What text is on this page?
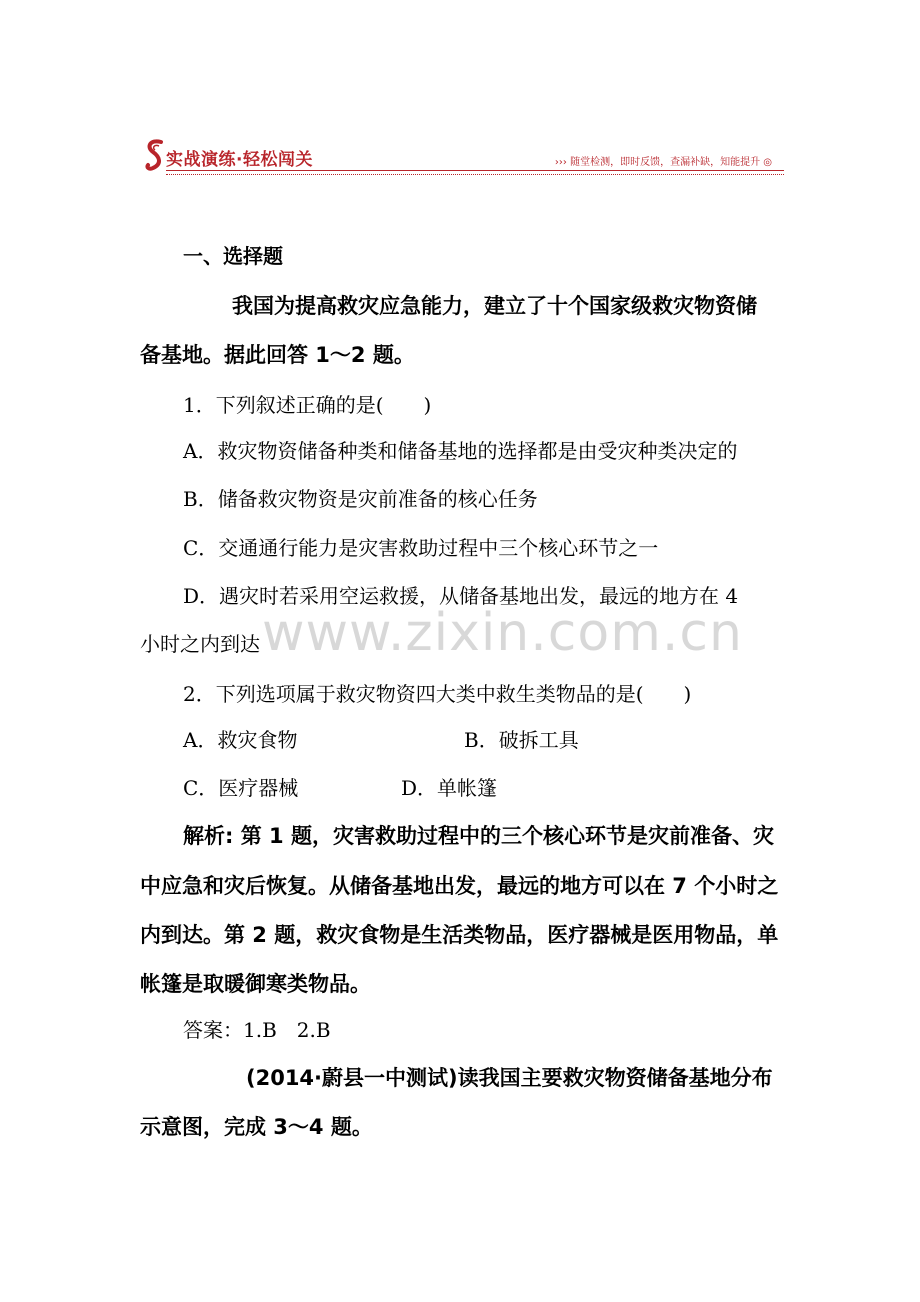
实战演练·轻松闯关	››› 随堂检测，即时反馈，查漏补缺，知能提升 ◎
www.zixin.com.cn
一、选择题
我国为提高救灾应急能力，建立了十个国家级救灾物资储
备基地。据此回答 1～2 题。
1．下列叙述正确的是(　　)
A．救灾物资储备种类和储备基地的选择都是由受灾种类决定的
B．储备救灾物资是灾前准备的核心任务
C．交通通行能力是灾害救助过程中三个核心环节之一
D．遇灾时若采用空运救援，从储备基地出发，最远的地方在 4
小时之内到达
2．下列选项属于救灾物资四大类中救生类物品的是(　　)
A．救灾食物	B．破拆工具
C．医疗器械	D．单帐篷
解析: 第 1 题，灾害救助过程中的三个核心环节是灾前准备、灾
中应急和灾后恢复。从储备基地出发，最远的地方可以在 7 个小时之
内到达。第 2 题，救灾食物是生活类物品，医疗器械是医用物品，单
帐篷是取暖御寒类物品。
答案：1.B　2.B
(2014·蔚县一中测试)读我国主要救灾物资储备基地分布
示意图，完成 3～4 题。
